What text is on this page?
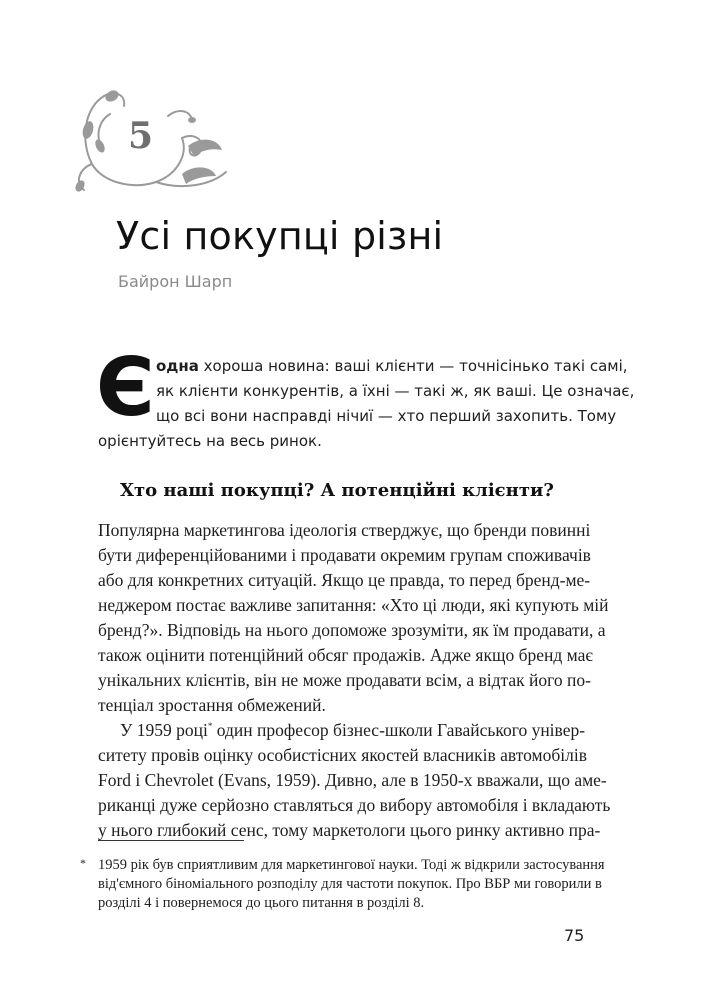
5
Усі покупці різні
Байрон Шарп
Є одна хороша новина: ваші клієнти — точнісінько такі самі,
як клієнти конкурентів, а їхні — такі ж, як ваші. Це означає,
що всі вони насправді нічиї — хто перший захопить. Тому
орієнтуйтесь на весь ринок.
Хто наші покупці? А потенційні клієнти?
Популярна маркетингова ідеологія стверджує, що бренди повинні
бути диференційованими і продавати окремим групам споживачів
або для конкретних ситуацій. Якщо це правда, то перед бренд-ме-
неджером постає важливе запитання: «Хто ці люди, які купують мій
бренд?». Відповідь на нього допоможе зрозуміти, як їм продавати, а
також оцінити потенційний обсяг продажів. Адже якщо бренд має
унікальних клієнтів, він не може продавати всім, а відтак його по-
тенціал зростання обмежений.
У 1959 році* один професор бізнес-школи Гавайського універ-
ситету провів оцінку особистісних якостей власників автомобілів
Ford і Chevrolet (Evans, 1959). Дивно, але в 1950-х вважали, що аме-
риканці дуже серйозно ставляться до вибору автомобіля і вкладають
у нього глибокий сенс, тому маркетологи цього ринку активно пра-
* 1959 рік був сприятливим для маркетингової науки. Тоді ж відкрили застосування
від'ємного біноміального розподілу для частоти покупок. Про ВБР ми говорили в
розділі 4 і повернемося до цього питання в розділі 8.
75
